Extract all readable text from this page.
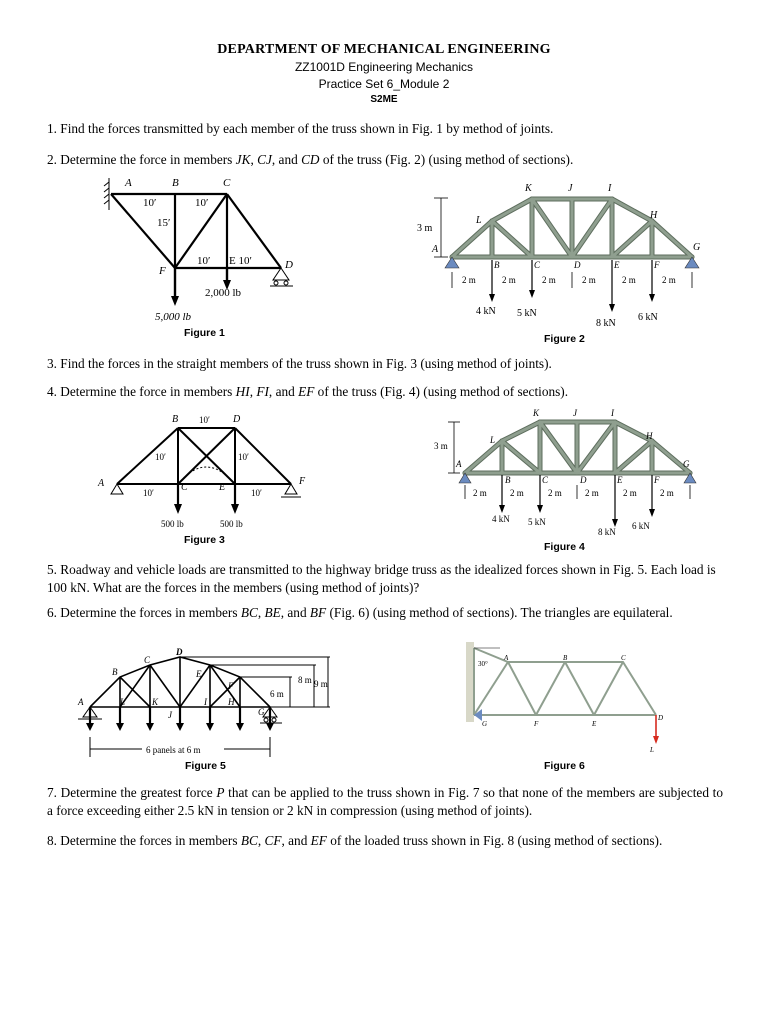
DEPARTMENT OF MECHANICAL ENGINEERING
ZZ1001D Engineering Mechanics
Practice Set 6_Module 2
S2ME
1. Find the forces transmitted by each member of the truss shown in Fig. 1 by method of joints.
2. Determine the force in members JK, CJ, and CD of the truss (Fig. 2) (using method of sections).
3. Find the forces in the straight members of the truss shown in Fig. 3 (using method of joints).
4. Determine the force in members HI, FI, and EF of the truss (Fig. 4) (using method of sections).
5. Roadway and vehicle loads are transmitted to the highway bridge truss as the idealized forces shown in Fig. 5. Each load is 100 kN. What are the forces in the members (using method of joints)?
6. Determine the forces in members BC, BE, and BF (Fig. 6) (using method of sections). The triangles are equilateral.
7. Determine the greatest force P that can be applied to the truss shown in Fig. 7 so that none of the members are subjected to a force exceeding either 2.5 kN in tension or 2 kN in compression (using method of joints).
8. Determine the forces in members BC, CF, and EF of the loaded truss shown in Fig. 8 (using method of sections).
A	B	C
D
F
10′	10′
15′
10′ E 10′
5,000 lb
2,000 lb
Figure 1
3 m
K	J	I
L	H
A	G
B	C	D	E	F
2 m	2 m	2 m	2 m	2 m	2 m
4 kN 5 kN
8 kN
6 kN
Figure 2
A
B	D
C	E
F
10′
10′	10′
10′	10′
500 lb	500 lb
Figure 3
3 m
K	J	I
L	H
A	G
B	C	D	E	F
2 m	2 m	2 m	2 m	2 m	2 m
4 kN 5 kN
8 kN
6 kN
Figure 4
A
B
C
D
E
F
L	K
J
I H
G
6 m
8 m 9 m
6 panels at 6 m
Figure 5
30°
A	B	C
G	F	E
D
L
Figure 6
